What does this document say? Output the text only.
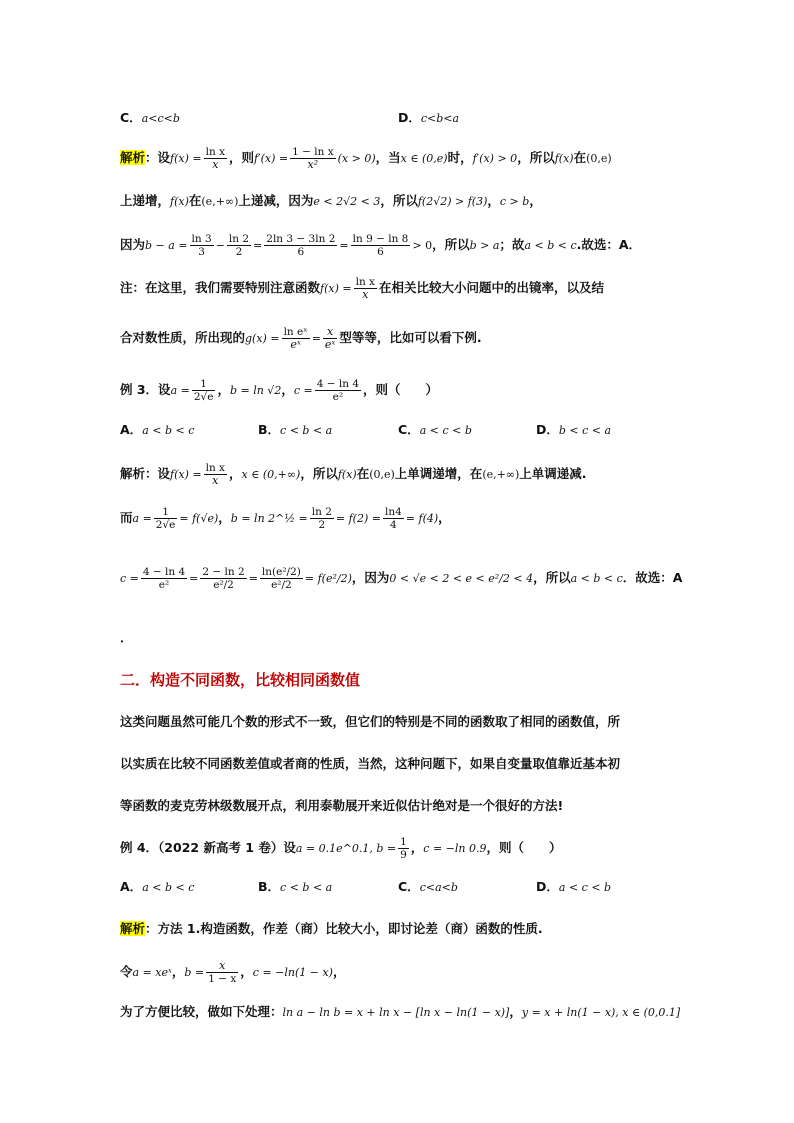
C．a<c<b	D．c<b<a
解析：设$f(x) = \frac{\text{ln x}}{x}$ ，则$f'(x) = \frac{\text{1 − ln x}}{\text{x²}} (x > 0)$，当x ∈ (0,e)时，f′(x) > 0，所以f(x)在(0,e)
上递增，f(x)在(e,+∞)上递减，因为e < 2√2 < 3，所以f(2√2) > f(3)，c > b，
因为$b - a = \frac{\ln 3}{3} - \frac{\ln 2}{2} = \frac{2\ln 3 - 3\ln 2}{6} = \frac{\ln 9 - \ln 8}{6} > 0$，所以b > a；故a < b < c.故选：A．
注：在这里，我们需要特别注意函数$f(x) = \frac{\text{ln x}}{x}$ 在相关比较大小问题中的出镜率，以及结
合对数性质，所出现的$g(x) = \frac{\text{ln eˣ}}{\text{eˣ}} = \frac{x}{\text{eˣ}}$ 型等等，比如可以看下例.
例 3．设$a = \frac{1}{2√e}$ ，b = ln √2，$c = \frac{4 - \ln 4}{\text{e²}}$ ，则（　　）
A．a < b < c	B．c < b < a	C．a < c < b	D．b < c < a
解析：设$f(x) = \frac{\text{ln x}}{x}$ ，x ∈ (0,+∞)，所以f(x)在(0,e)上单调递增，在(e,+∞)上单调递减.
而$a = \frac{1}{2√e} = f(√e)$，b = ln 2^½ = $\frac{\ln 2}{2} = f(2) = \frac{\ln 4}{4} = f(4)$，
$c = \frac{4 - \ln 4}{\text{e²}} = \frac{2 - \ln 2}{\text{e²/2}} = \frac{\text{ln(e²/2)}}{\text{e²/2}} = f(e^2/2)$，因为0 < √e < 2 < e < e²/2 < 4，所以a < b < c．故选：A
．
二．构造不同函数，比较相同函数值
这类问题虽然可能几个数的形式不一致，但它们的特别是不同的函数取了相同的函数值，所
以实质在比较不同函数差值或者商的性质，当然，这种问题下，如果自变量取值靠近基本初
等函数的麦克劳林级数展开点，利用泰勒展开来近似估计绝对是一个很好的方法!
例 4．（2022 新高考 1 卷）设a = 0.1e^0.1, $b = \frac{1}{9}$ ，c = −ln 0.9，则（　　）
A．a < b < c	B．c < b < a	C．c<a<b	D．a < c < b
解析：方法 1.构造函数，作差（商）比较大小，即讨论差（商）函数的性质.
令a = xeˣ，$b = \frac{x}{1 - x}$ ，c = −ln(1 − x)，
为了方便比较，做如下处理：ln a − ln b = x + ln x − [ln x − ln(1 − x)]，y = x + ln(1 − x), x ∈ (0,0.1]
